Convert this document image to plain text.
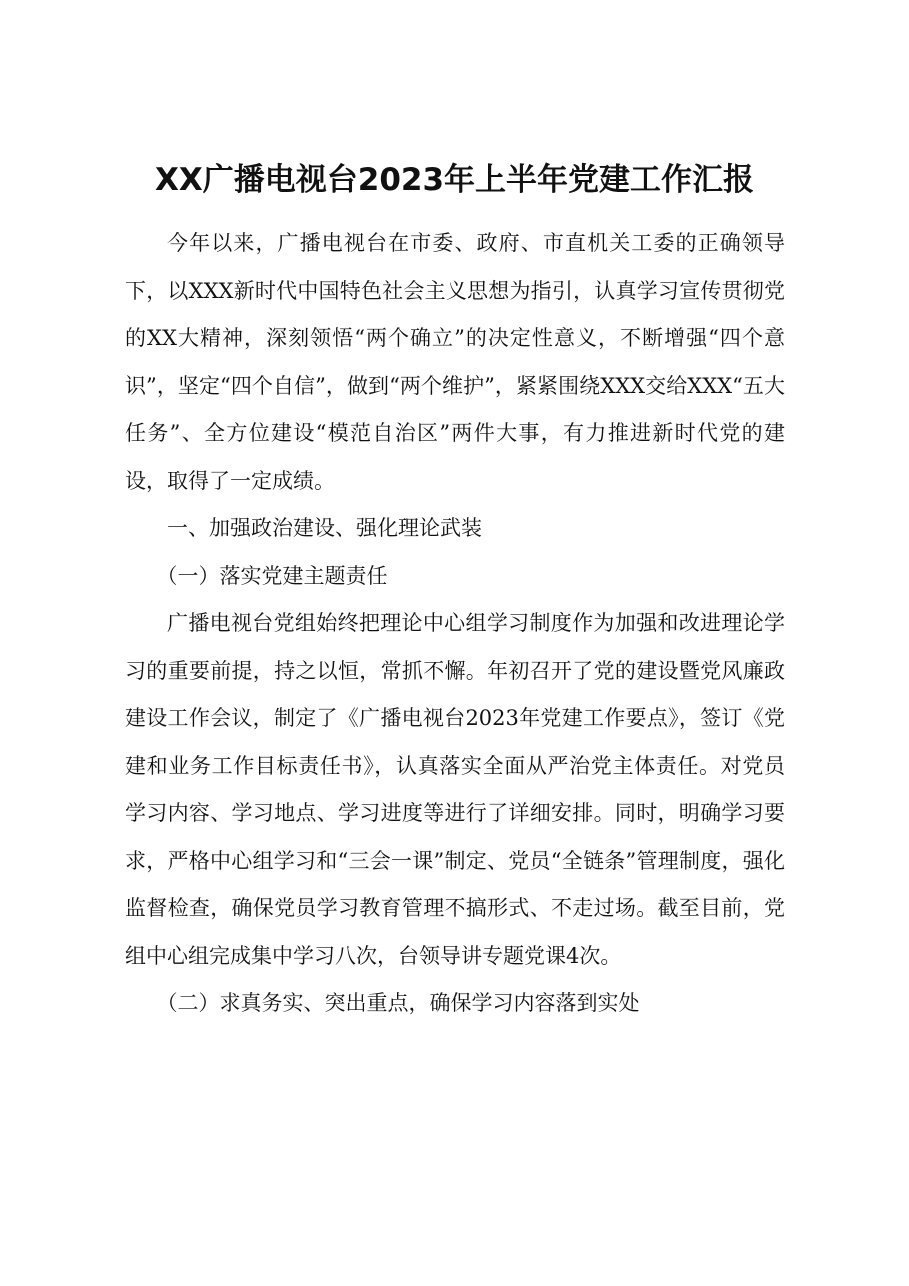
XX广播电视台2023年上半年党建工作汇报

今年以来，广播电视台在市委、政府、市直机关工委的正确领导下，以XXX新时代中国特色社会主义思想为指引，认真学习宣传贯彻党的XX大精神，深刻领悟“两个确立”的决定性意义，不断增强“四个意识”，坚定“四个自信”，做到“两个维护”，紧紧围绕XXX交给XXX“五大任务”、全方位建设“模范自治区”两件大事，有力推进新时代党的建设，取得了一定成绩。

一、加强政治建设、强化理论武装

（一）落实党建主题责任

广播电视台党组始终把理论中心组学习制度作为加强和改进理论学习的重要前提，持之以恒，常抓不懈。年初召开了党的建设暨党风廉政建设工作会议，制定了《广播电视台2023年党建工作要点》，签订《党建和业务工作目标责任书》，认真落实全面从严治党主体责任。对党员学习内容、学习地点、学习进度等进行了详细安排。同时，明确学习要求，严格中心组学习和“三会一课”制定、党员“全链条”管理制度，强化监督检查，确保党员学习教育管理不搞形式、不走过场。截至目前，党组中心组完成集中学习八次，台领导讲专题党课4次。

（二）求真务实、突出重点，确保学习内容落到实处
